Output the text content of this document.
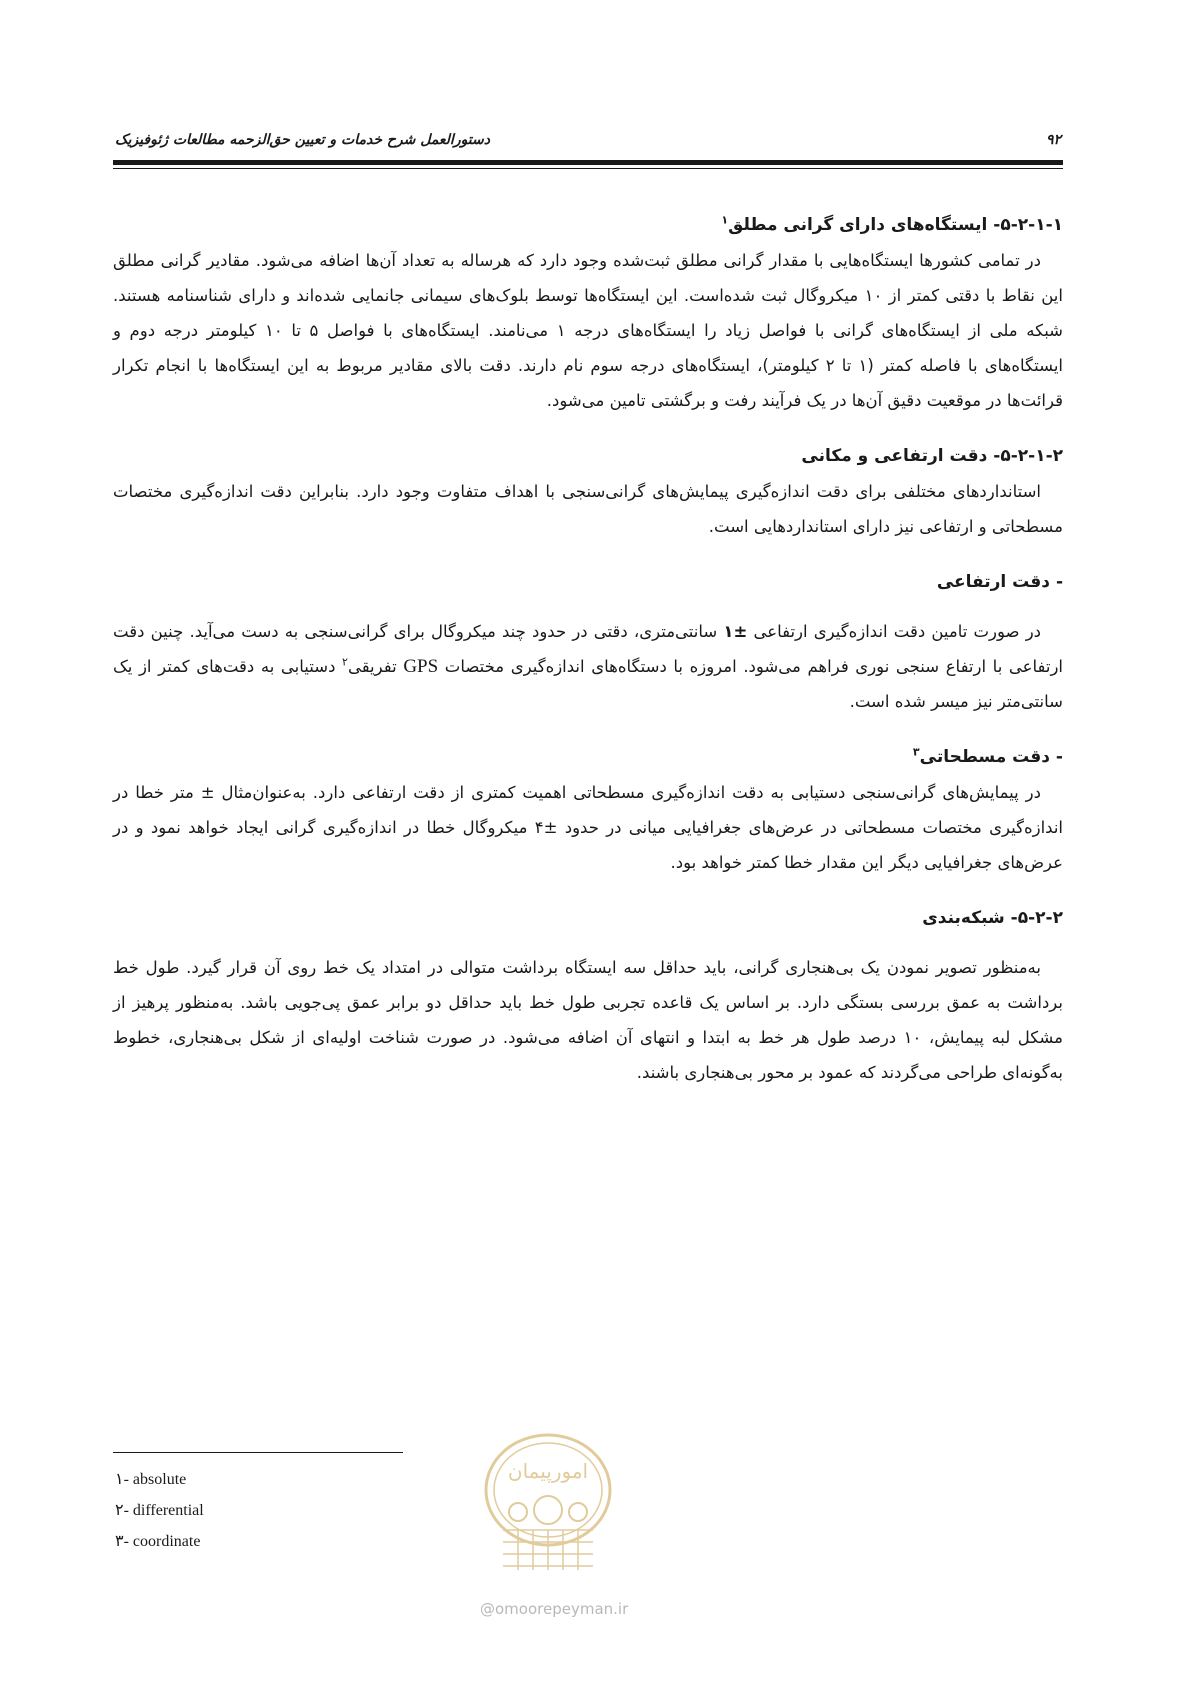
۹۲
دستورالعمل شرح خدمات و تعیین حق‌الزحمه مطالعات ژئوفیزیک
۵-۲-۱-۱- ایستگاه‌های دارای گرانی مطلق$^۱$

در تمامی کشورها ایستگاه‌هایی با مقدار گرانی مطلق ثبت‌شده وجود دارد که هرساله به تعداد آن‌ها اضافه می‌شود. مقادیر گرانی مطلق این نقاط با دقتی کمتر از ۱۰ میکروگال ثبت شده‌است. این ایستگاه‌ها توسط بلوک‌های سیمانی جانمایی شده‌اند و دارای شناسنامه هستند. شبکه ملی از ایستگاه‌های گرانی با فواصل زیاد را ایستگاه‌های درجه ۱ می‌نامند. ایستگاه‌های با فواصل ۵ تا ۱۰ کیلومتر درجه دوم و ایستگاه‌های با فاصله کمتر (۱ تا ۲ کیلومتر)، ایستگاه‌های درجه سوم نام دارند. دقت بالای مقادیر مربوط به این ایستگاه‌ها با انجام تکرار قرائت‌ها در موقعیت دقیق آن‌ها در یک فرآیند رفت و برگشتی تامین می‌شود.

۵-۲-۱-۲- دقت ارتفاعی و مکانی

استانداردهای مختلفی برای دقت اندازه‌گیری پیمایش‌های گرانی‌سنجی با اهداف متفاوت وجود دارد. بنابراین دقت اندازه‌گیری مختصات مسطحاتی و ارتفاعی نیز دارای استانداردهایی است.

- دقت ارتفاعی

در صورت تامین دقت اندازه‌گیری ارتفاعی ±۱ سانتی‌متری، دقتی در حدود چند میکروگال برای گرانی‌سنجی به دست می‌آید. چنین دقت ارتفاعی با ارتفاع سنجی نوری فراهم می‌شود. امروزه با دستگاه‌های اندازه‌گیری مختصات GPS تفریقی$^۲$ دستیابی به دقت‌های کمتر از یک سانتی‌متر نیز میسر شده است.

- دقت مسطحاتی$^۳$

در پیمایش‌های گرانی‌سنجی دستیابی به دقت اندازه‌گیری مسطحاتی اهمیت کمتری از دقت ارتفاعی دارد. به‌عنوان‌مثال ± متر خطا در اندازه‌گیری مختصات مسطحاتی در عرض‌های جغرافیایی میانی در حدود ±۴ میکروگال خطا در اندازه‌گیری گرانی ایجاد خواهد نمود و در عرض‌های جغرافیایی دیگر این مقدار خطا کمتر خواهد بود.

۵-۲-۲- شبکه‌بندی

به‌منظور تصویر نمودن یک بی‌هنجاری گرانی، باید حداقل سه ایستگاه برداشت متوالی در امتداد یک خط روی آن قرار گیرد. طول خط برداشت به عمق بررسی بستگی دارد. بر اساس یک قاعده تجربی طول خط باید حداقل دو برابر عمق پی‌جویی باشد. به‌منظور پرهیز از مشکل لبه پیمایش، ۱۰ درصد طول هر خط به ابتدا و انتهای آن اضافه می‌شود. در صورت شناخت اولیه‌ای از شکل بی‌هنجاری، خطوط به‌گونه‌ای طراحی می‌گردند که عمود بر محور بی‌هنجاری باشند.

۱- absolute
۲- differential
۳- coordinate
امورپیمان
@omoorepeyman.ir
